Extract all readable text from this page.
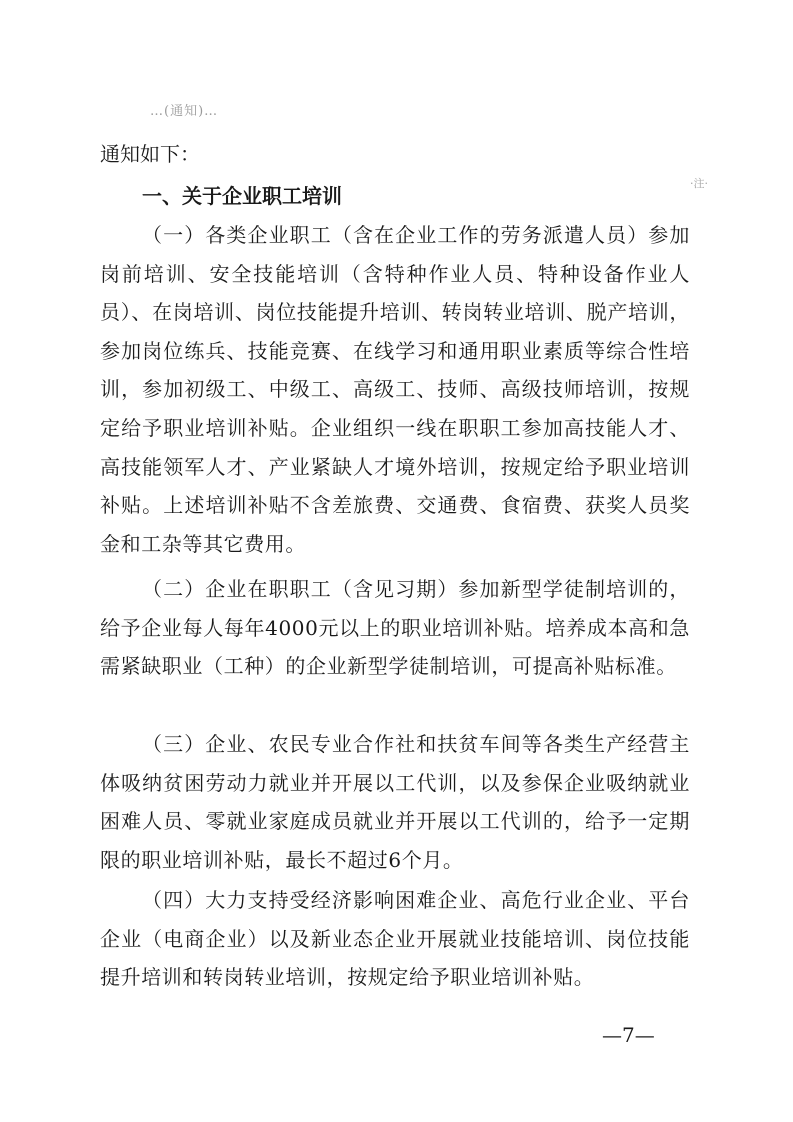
…(通知)…
·注·
通知如下：
一、关于企业职工培训

（一）各类企业职工（含在企业工作的劳务派遣人员）参加岗前培训、安全技能培训（含特种作业人员、特种设备作业人员）、在岗培训、岗位技能提升培训、转岗转业培训、脱产培训，参加岗位练兵、技能竞赛、在线学习和通用职业素质等综合性培训，参加初级工、中级工、高级工、技师、高级技师培训，按规定给予职业培训补贴。企业组织一线在职职工参加高技能人才、高技能领军人才、产业紧缺人才境外培训，按规定给予职业培训补贴。上述培训补贴不含差旅费、交通费、食宿费、获奖人员奖金和工杂等其它费用。

（二）企业在职职工（含见习期）参加新型学徒制培训的，给予企业每人每年4000元以上的职业培训补贴。培养成本高和急需紧缺职业（工种）的企业新型学徒制培训，可提高补贴标准。

（三）企业、农民专业合作社和扶贫车间等各类生产经营主体吸纳贫困劳动力就业并开展以工代训，以及参保企业吸纳就业困难人员、零就业家庭成员就业并开展以工代训的，给予一定期限的职业培训补贴，最长不超过6个月。

（四）大力支持受经济影响困难企业、高危行业企业、平台企业（电商企业）以及新业态企业开展就业技能培训、岗位技能提升培训和转岗转业培训，按规定给予职业培训补贴。

—7—
